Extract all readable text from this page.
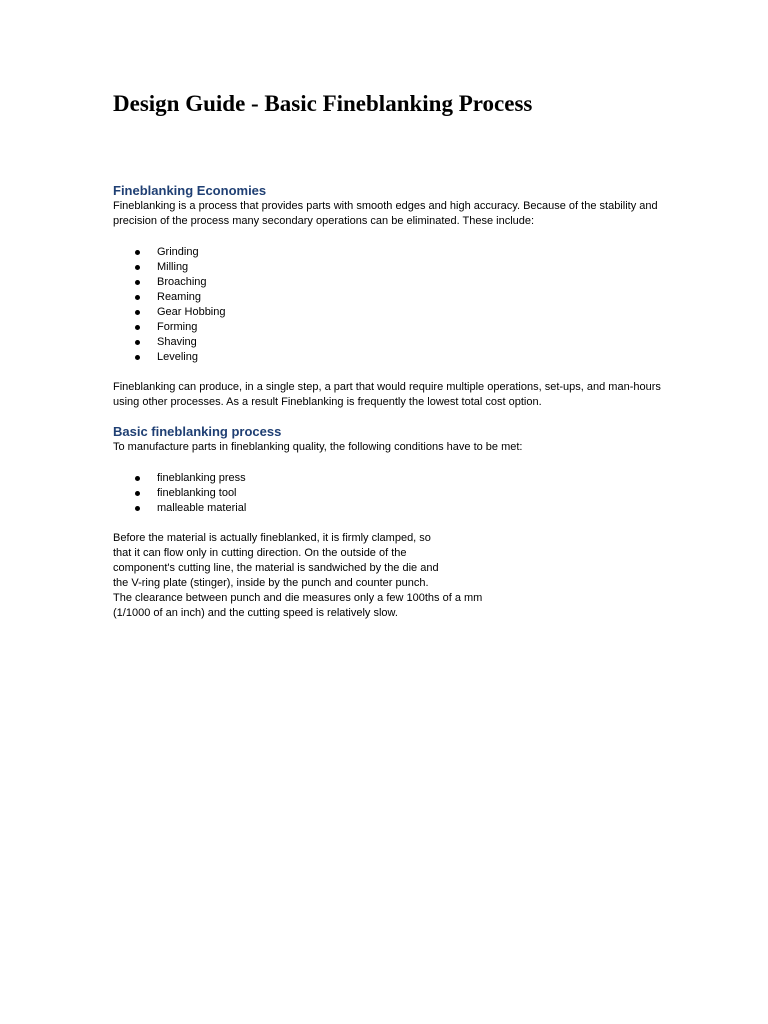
Design Guide - Basic Fineblanking Process
Fineblanking Economies

Fineblanking is a process that provides parts with smooth edges and high accuracy. Because of the stability and precision of the process many secondary operations can be eliminated. These include:

Grinding
Milling
Broaching
Reaming
Gear Hobbing
Forming
Shaving
Leveling

Fineblanking can produce, in a single step, a part that would require multiple operations, set-ups, and man-hours using other processes. As a result Fineblanking is frequently the lowest total cost option.

Basic fineblanking process

To manufacture parts in fineblanking quality, the following conditions have to be met:

fineblanking press
fineblanking tool
malleable material

Before the material is actually fineblanked, it is firmly clamped, so

that it can flow only in cutting direction. On the outside of the

component's cutting line, the material is sandwiched by the die and

the V-ring plate (stinger), inside by the punch and counter punch.

The clearance between punch and die measures only a few 100ths of a mm

(1/1000 of an inch) and the cutting speed is relatively slow.
